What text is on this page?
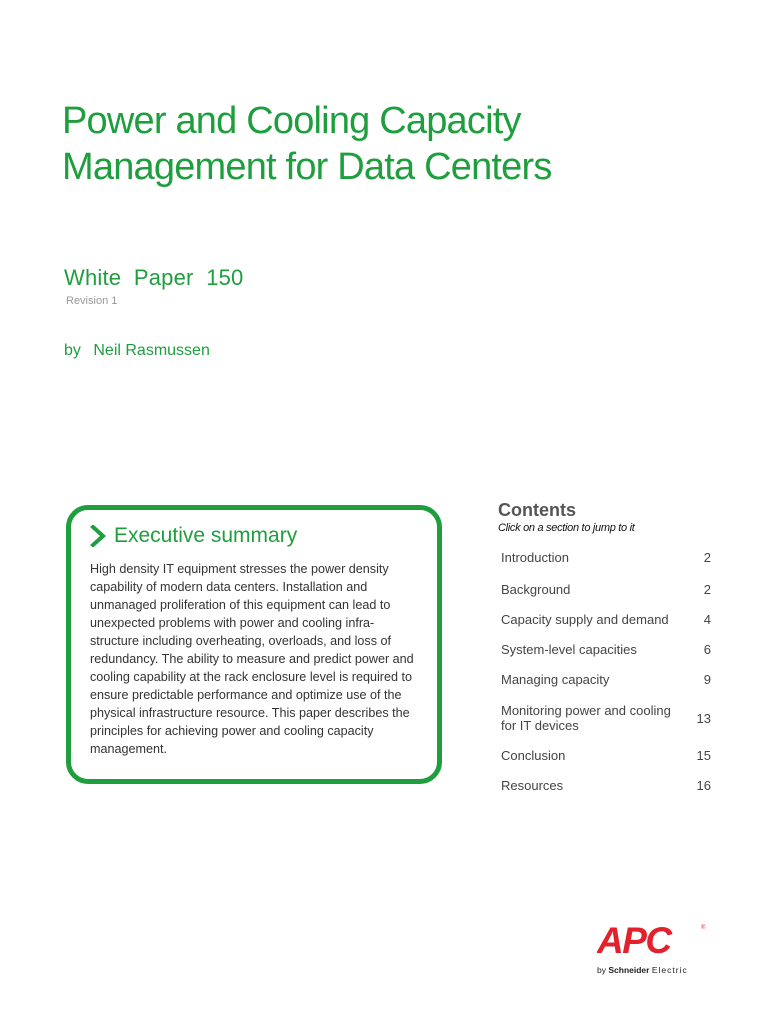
Power and Cooling Capacity
Management for Data Centers
White  Paper  150
Revision 1
by Neil Rasmussen
Executive summary

High density IT equipment stresses the power density capability of modern data centers. Installation and unmanaged proliferation of this equipment can lead to unexpected problems with power and cooling infra-structure including overheating, overloads, and loss of redundancy. The ability to measure and predict power and cooling capability at the rack enclosure level is required to ensure predictable performance and optimize use of the physical infrastructure resource. This paper describes the principles for achieving power and cooling capacity management.

Contents
Click on a section to jump to it
Introduction	2
Background	2
Capacity supply and demand	4
System-level capacities	6
Managing capacity	9
Monitoring power and cooling for IT devices	13
Conclusion	15
Resources	16
APC	®
by Schneider Electric
